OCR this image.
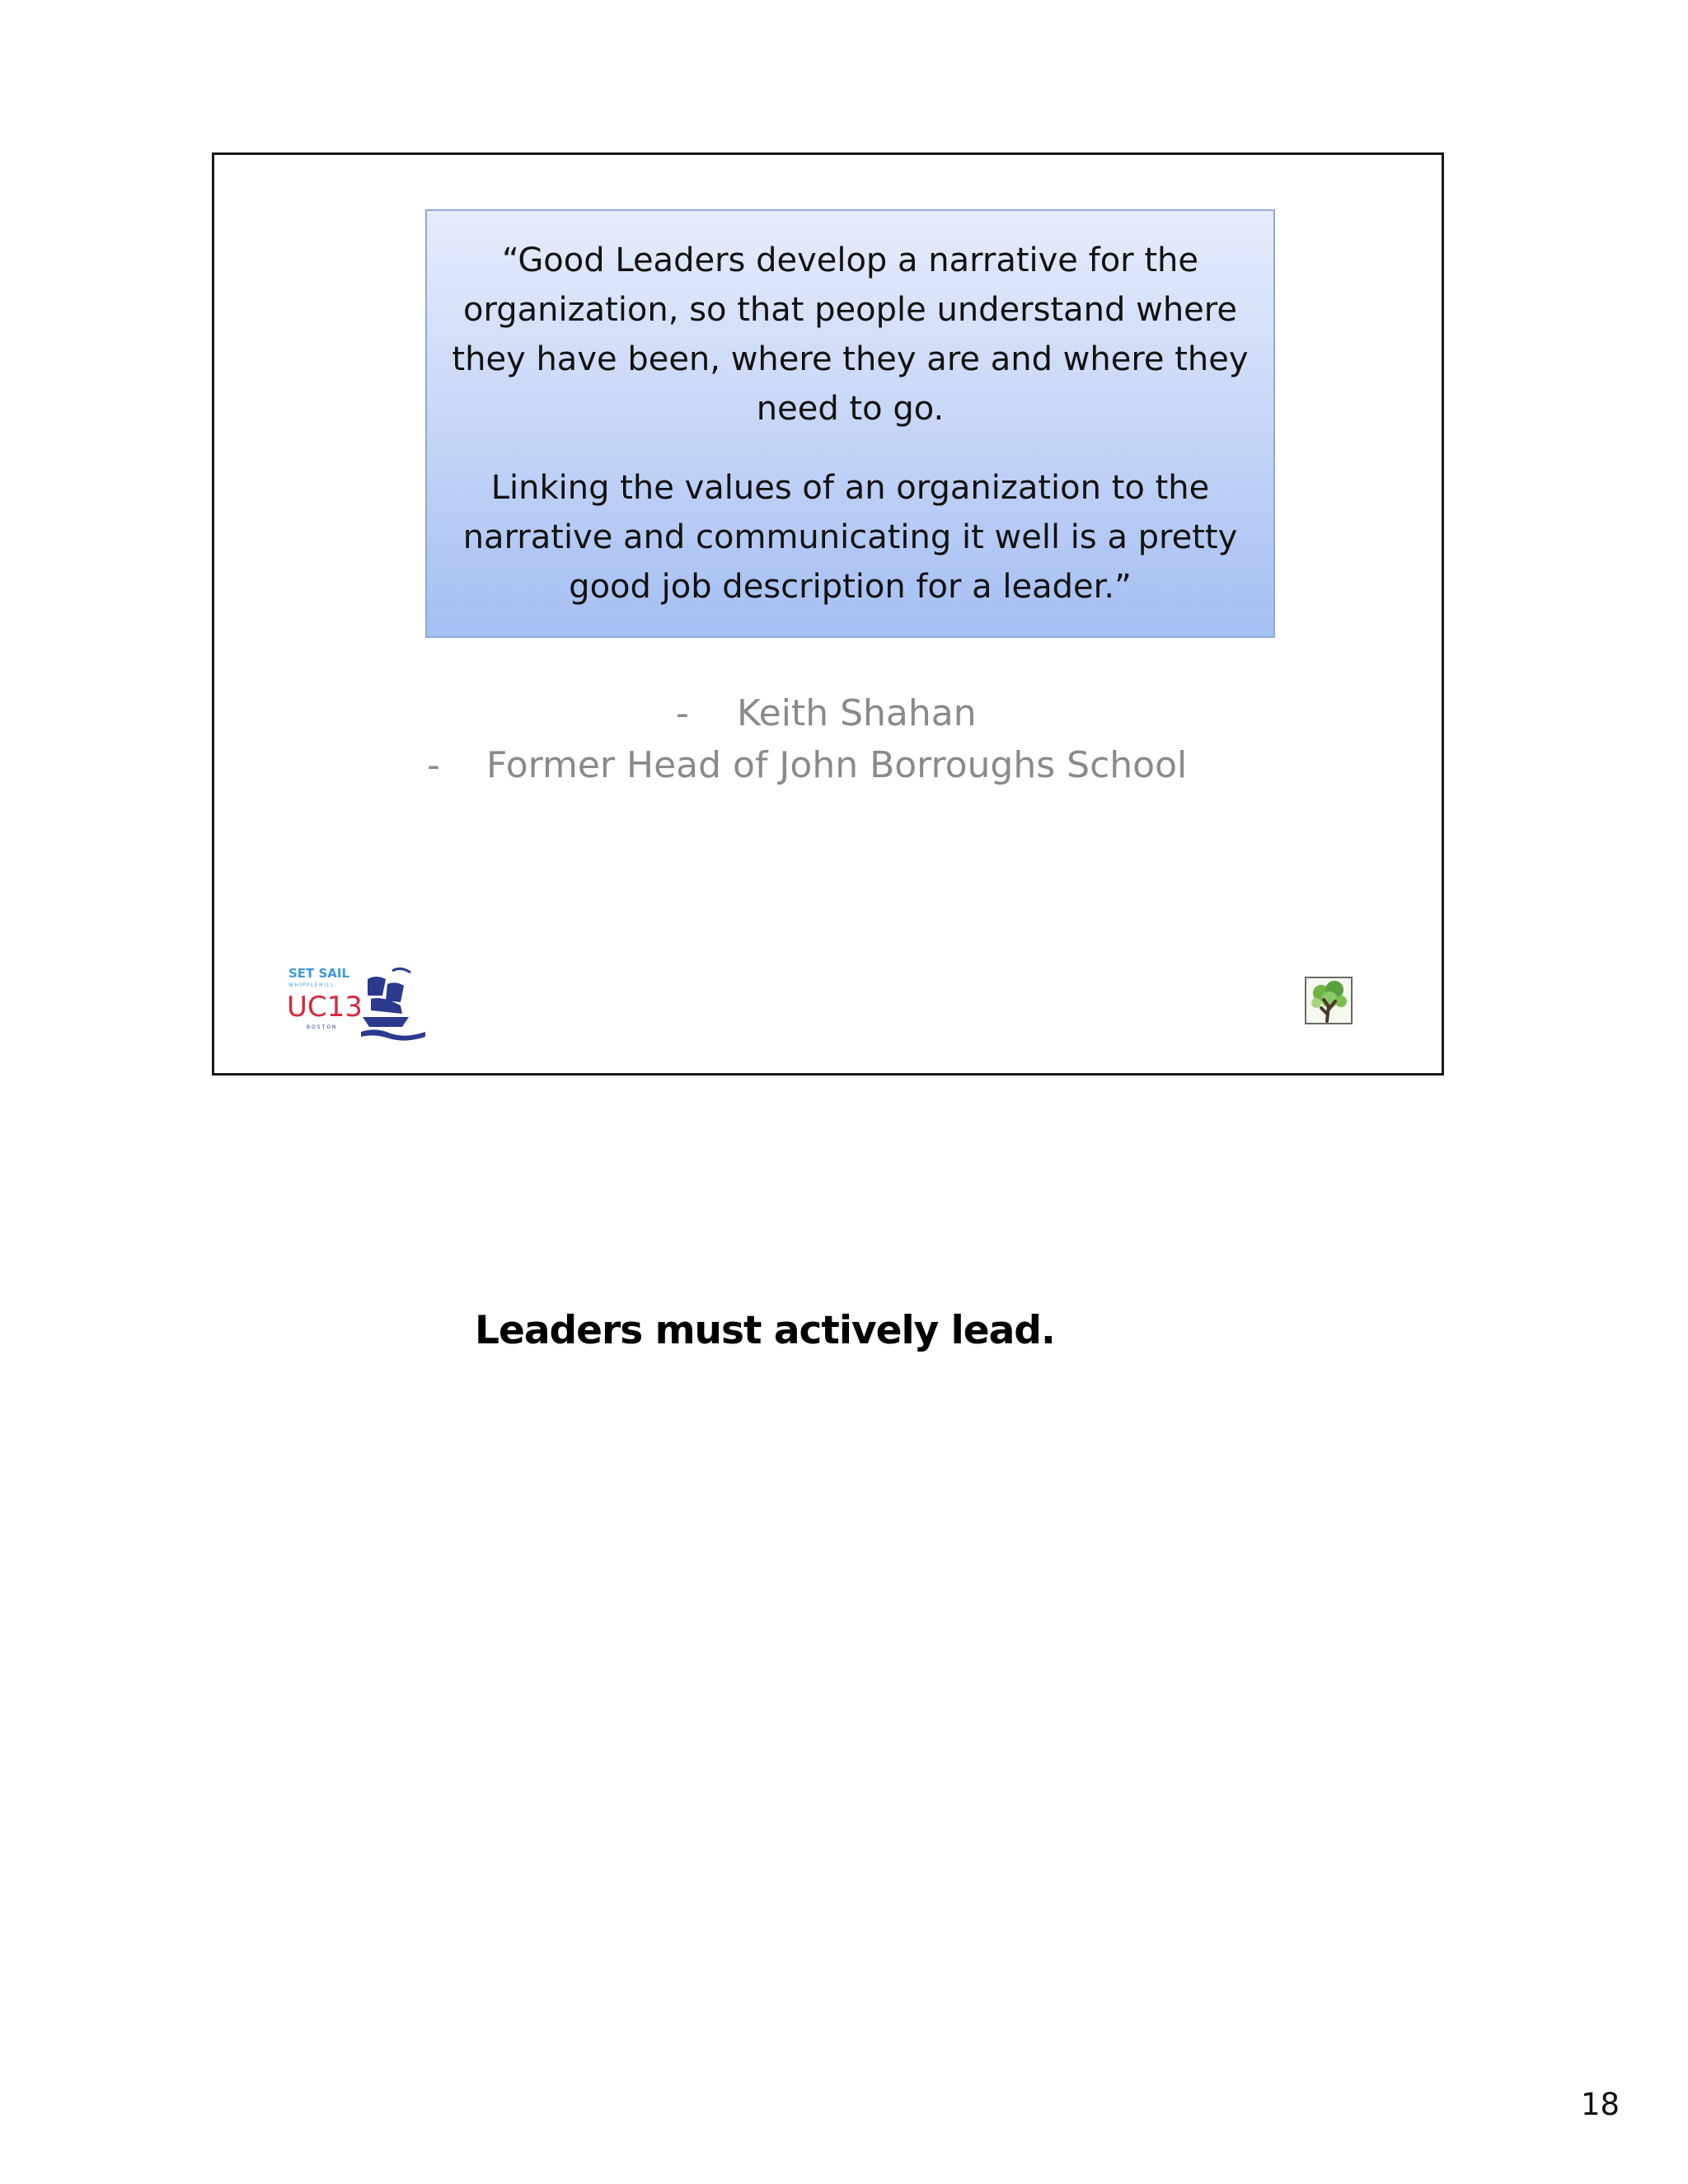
“Good Leaders develop a narrative for the organization, so that people understand where they have been, where they are and where they need to go.

Linking the values of an organization to the narrative and communicating it well is a pretty good job description for a leader.”

- Keith Shahan
- Former Head of John Borroughs School
SET SAIL
WHIPPLEHILL
UC13
BOSTON
Leaders must actively lead.
18
